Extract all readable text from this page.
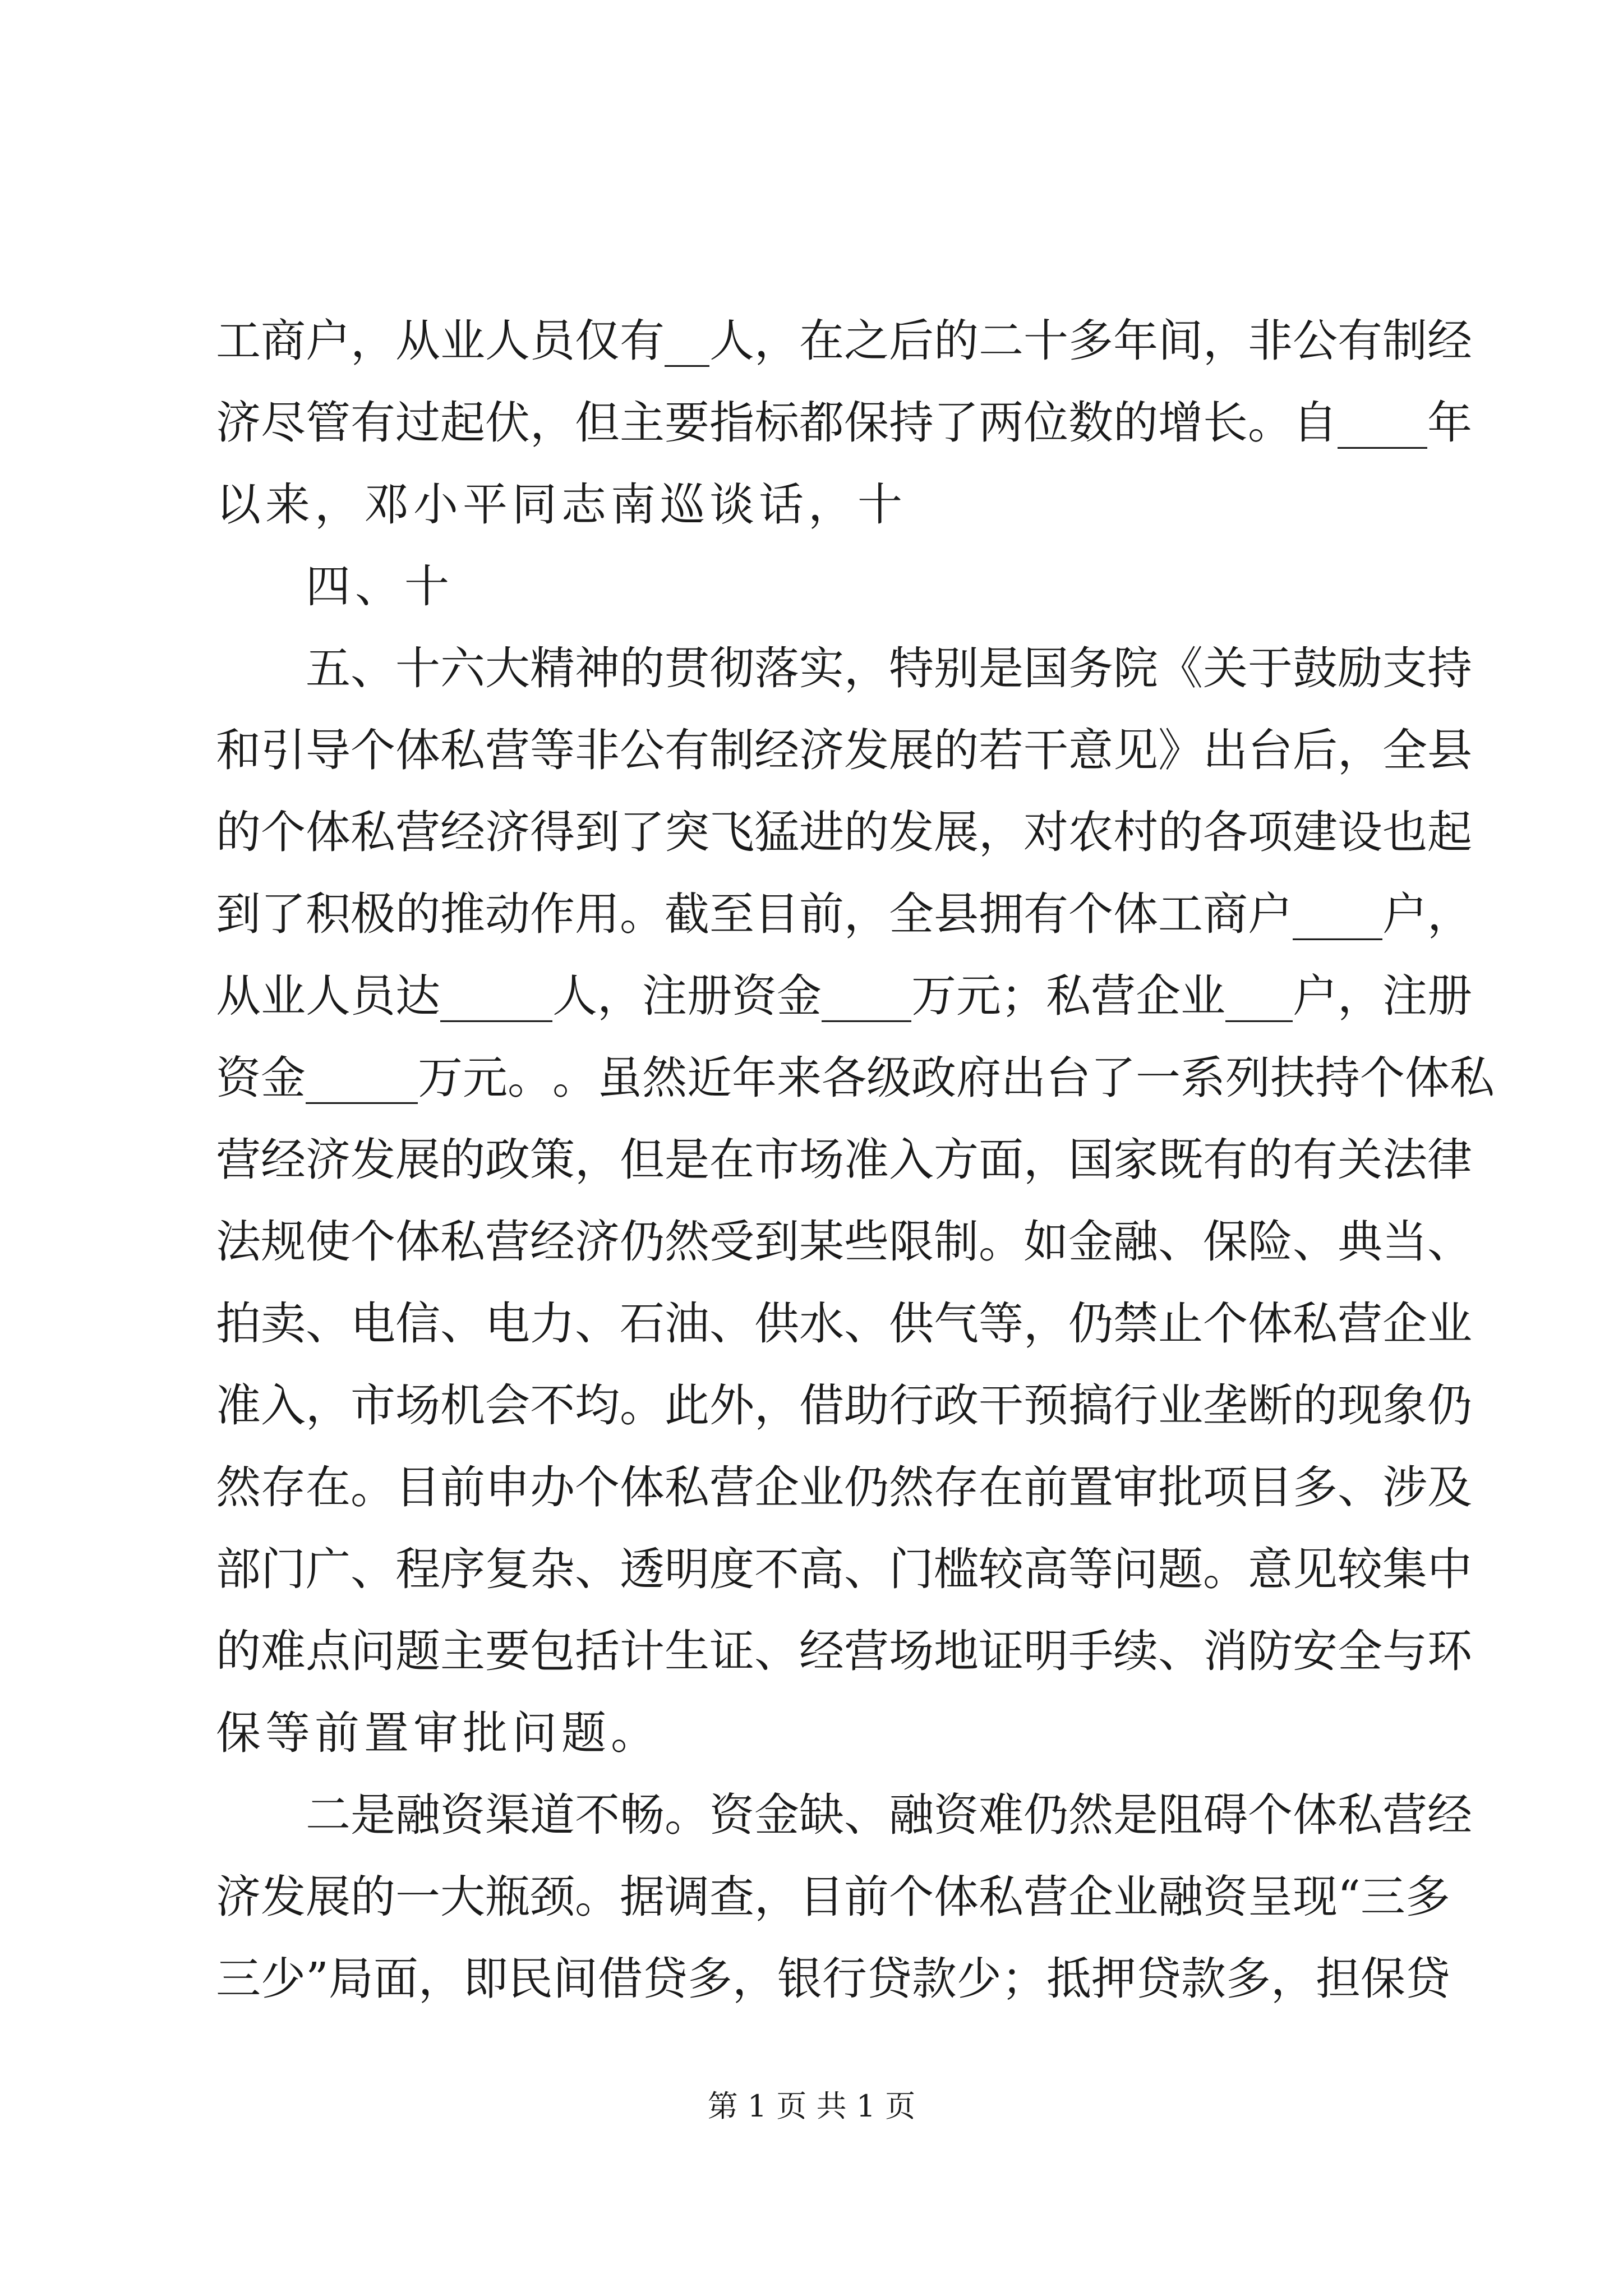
工 商 户 ， 从 业 人 员 仅 有 __ 人 ， 在 之 后 的 二 十 多 年 间 ， 非 公 有 制 经
济 尽 管 有 过 起 伏 ， 但 主 要 指 标 都 保 持 了 两 位 数 的 增 长 。 自 ____ 年
以来，邓小平同志南巡谈话，十
四、十
五 、 十 六 大 精 神 的 贯 彻 落 实 ， 特 别 是 国 务 院 《 关 于 鼓 励 支 持
和 引 导 个 体 私 营 等 非 公 有 制 经 济 发 展 的 若 干 意 见 》 出 台 后 ， 全 县
的 个 体 私 营 经 济 得 到 了 突 飞 猛 进 的 发 展 ， 对 农 村 的 各 项 建 设 也 起
到 了 积 极 的 推 动 作 用 。 截 至 目 前 ， 全 县 拥 有 个 体 工 商 户 ____ 户 ，
从 业 人 员 达 _____ 人 ， 注 册 资 金 ____ 万 元 ； 私 营 企 业 ___ 户 ， 注 册
资 金 _____ 万 元 。 。 虽 然 近 年 来 各 级 政 府 出 台 了 一 系 列 扶 持 个 体 私
营 经 济 发 展 的 政 策 ， 但 是 在 市 场 准 入 方 面 ， 国 家 既 有 的 有 关 法 律
法 规 使 个 体 私 营 经 济 仍 然 受 到 某 些 限 制 。 如 金 融 、 保 险 、 典 当 、
拍 卖 、 电 信 、 电 力 、 石 油 、 供 水 、 供 气 等 ， 仍 禁 止 个 体 私 营 企 业
准 入 ， 市 场 机 会 不 均 。 此 外 ， 借 助 行 政 干 预 搞 行 业 垄 断 的 现 象 仍
然 存 在 。 目 前 申 办 个 体 私 营 企 业 仍 然 存 在 前 置 审 批 项 目 多 、 涉 及
部 门 广 、 程 序 复 杂 、 透 明 度 不 高 、 门 槛 较 高 等 问 题 。 意 见 较 集 中
的 难 点 问 题 主 要 包 括 计 生 证 、 经 营 场 地 证 明 手 续 、 消 防 安 全 与 环
保等前置审批问题。
二 是 融 资 渠 道 不 畅 。 资 金 缺 、 融 资 难 仍 然 是 阻 碍 个 体 私 营 经
济 发 展 的 一 大 瓶 颈 。 据 调 查 ， 目 前 个 体 私 营 企 业 融 资 呈 现 “ 三 多
三 少 ” 局 面 ， 即 民 间 借 贷 多 ， 银 行 贷 款 少 ； 抵 押 贷 款 多 ， 担 保 贷
第 1 页 共 1 页
